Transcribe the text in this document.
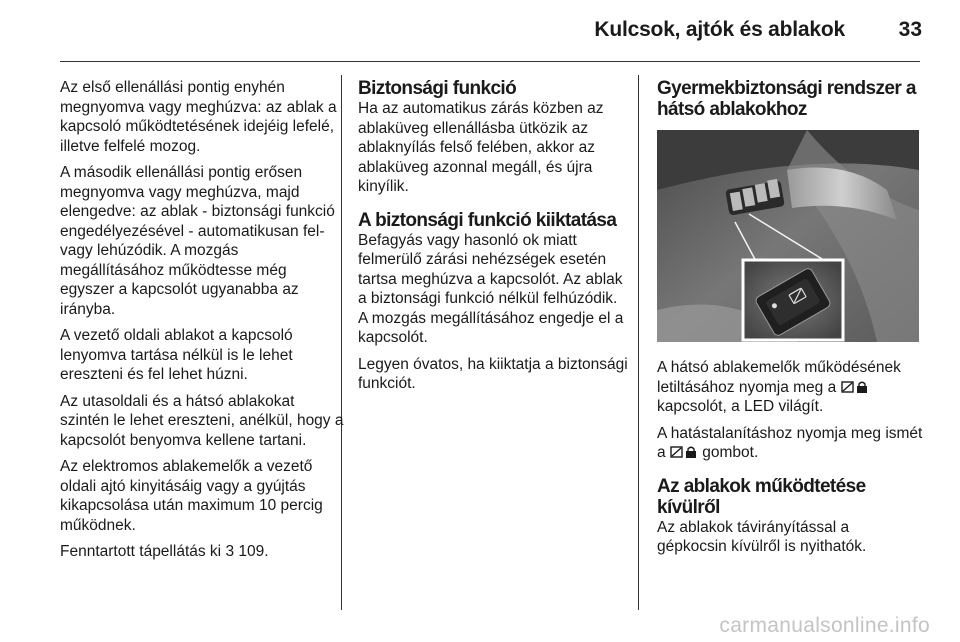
Kulcsok, ajtók és ablakok	33

Az első ellenállási pontig enyhén megnyomva vagy meghúzva: az ablak a kapcsoló működtetésének idejéig lefelé, illetve felfelé mozog.

A második ellenállási pontig erősen megnyomva vagy meghúzva, majd elengedve: az ablak - biztonsági funkció engedélyezésével - automatikusan fel- vagy lehúzódik. A mozgás megállításához működtesse még egyszer a kapcsolót ugyanabba az irányba.

A vezető oldali ablakot a kapcsoló lenyomva tartása nélkül is le lehet ereszteni és fel lehet húzni.

Az utasoldali és a hátsó ablakokat szintén le lehet ereszteni, anélkül, hogy a kapcsolót benyomva kellene tartani.

Az elektromos ablakemelők a vezető oldali ajtó kinyitásáig vagy a gyújtás kikapcsolása után maximum 10 percig működnek.

Fenntartott tápellátás ki 3 109.

Biztonsági funkció

Ha az automatikus zárás közben az ablaküveg ellenállásba ütközik az ablaknyílás felső felében, akkor az ablaküveg azonnal megáll, és újra kinyílik.

A biztonsági funkció kiiktatása

Befagyás vagy hasonló ok miatt felmerülő zárási nehézségek esetén tartsa meghúzva a kapcsolót. Az ablak a biztonsági funkció nélkül felhúzódik. A mozgás megállításához engedje el a kapcsolót.

Legyen óvatos, ha kiiktatja a biztonsági funkciót.

Gyermekbiztonsági rendszer a hátsó ablakokhoz

A hátsó ablakemelők működésének letiltásához nyomja meg a  kapcsolót, a LED világít.

A hatástalanításhoz nyomja meg ismét a gombot.

Az ablakok működtetése kívülről

Az ablakok távirányítással a gépkocsin kívülről is nyithatók.

carmanualsonline.info
